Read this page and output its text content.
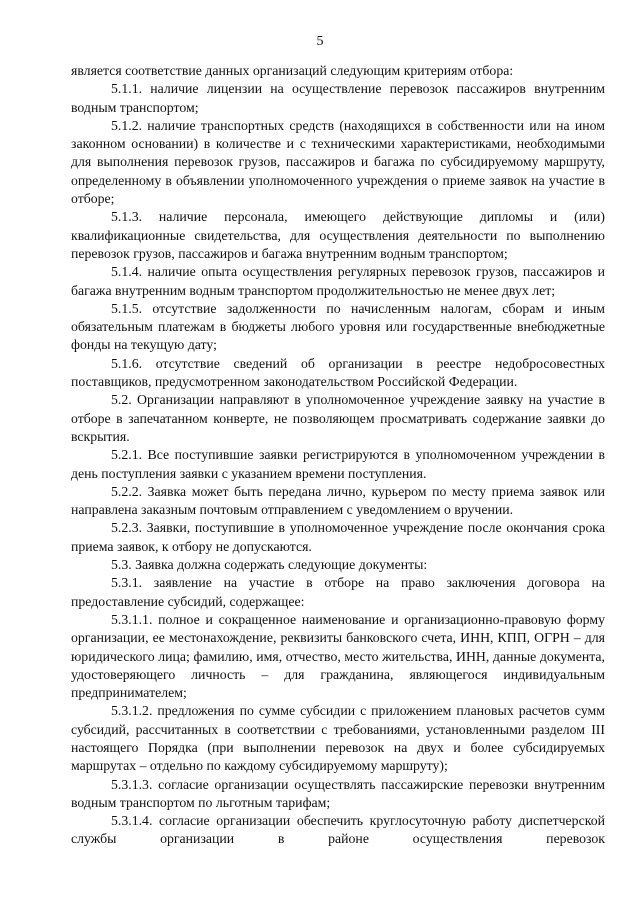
5

является соответствие данных организаций следующим критериям отбора:

5.1.1. наличие лицензии на осуществление перевозок пассажиров внутренним водным транспортом;

5.1.2. наличие транспортных средств (находящихся в собственности или на ином законном основании) в количестве и с техническими характеристиками, необходимыми для выполнения перевозок грузов, пассажиров и багажа по субсидируемому маршруту, определенному в объявлении уполномоченного учреждения о приеме заявок на участие в отборе;

5.1.3. наличие персонала, имеющего действующие дипломы и (или) квалификационные свидетельства, для осуществления деятельности по выполнению перевозок грузов, пассажиров и багажа внутренним водным транспортом;

5.1.4. наличие опыта осуществления регулярных перевозок грузов, пассажиров и багажа внутренним водным транспортом продолжительностью не менее двух лет;

5.1.5. отсутствие задолженности по начисленным налогам, сборам и иным обязательным платежам в бюджеты любого уровня или государственные внебюджетные фонды на текущую дату;

5.1.6. отсутствие сведений об организации в реестре недобросовестных поставщиков, предусмотренном законодательством Российской Федерации.

5.2. Организации направляют в уполномоченное учреждение заявку на участие в отборе в запечатанном конверте, не позволяющем просматривать содержание заявки до вскрытия.

5.2.1. Все поступившие заявки регистрируются в уполномоченном учреждении в день поступления заявки с указанием времени поступления.

5.2.2. Заявка может быть передана лично, курьером по месту приема заявок или направлена заказным почтовым отправлением с уведомлением о вручении.

5.2.3. Заявки, поступившие в уполномоченное учреждение после окончания срока приема заявок, к отбору не допускаются.

5.3. Заявка должна содержать следующие документы:

5.3.1. заявление на участие в отборе на право заключения договора на предоставление субсидий, содержащее:

5.3.1.1. полное и сокращенное наименование и организационно-правовую форму организации, ее местонахождение, реквизиты банковского счета, ИНН, КПП, ОГРН – для юридического лица; фамилию, имя, отчество, место жительства, ИНН, данные документа, удостоверяющего личность – для гражданина, являющегося индивидуальным предпринимателем;

5.3.1.2. предложения по сумме субсидии с приложением плановых расчетов сумм субсидий, рассчитанных в соответствии с требованиями, установленными разделом III настоящего Порядка (при выполнении перевозок на двух и более субсидируемых маршрутах – отдельно по каждому субсидируемому маршруту);

5.3.1.3. согласие организации осуществлять пассажирские перевозки внутренним водным транспортом по льготным тарифам;

5.3.1.4. согласие организации обеспечить круглосуточную работу диспетчерской службы организации в районе осуществления перевозок
